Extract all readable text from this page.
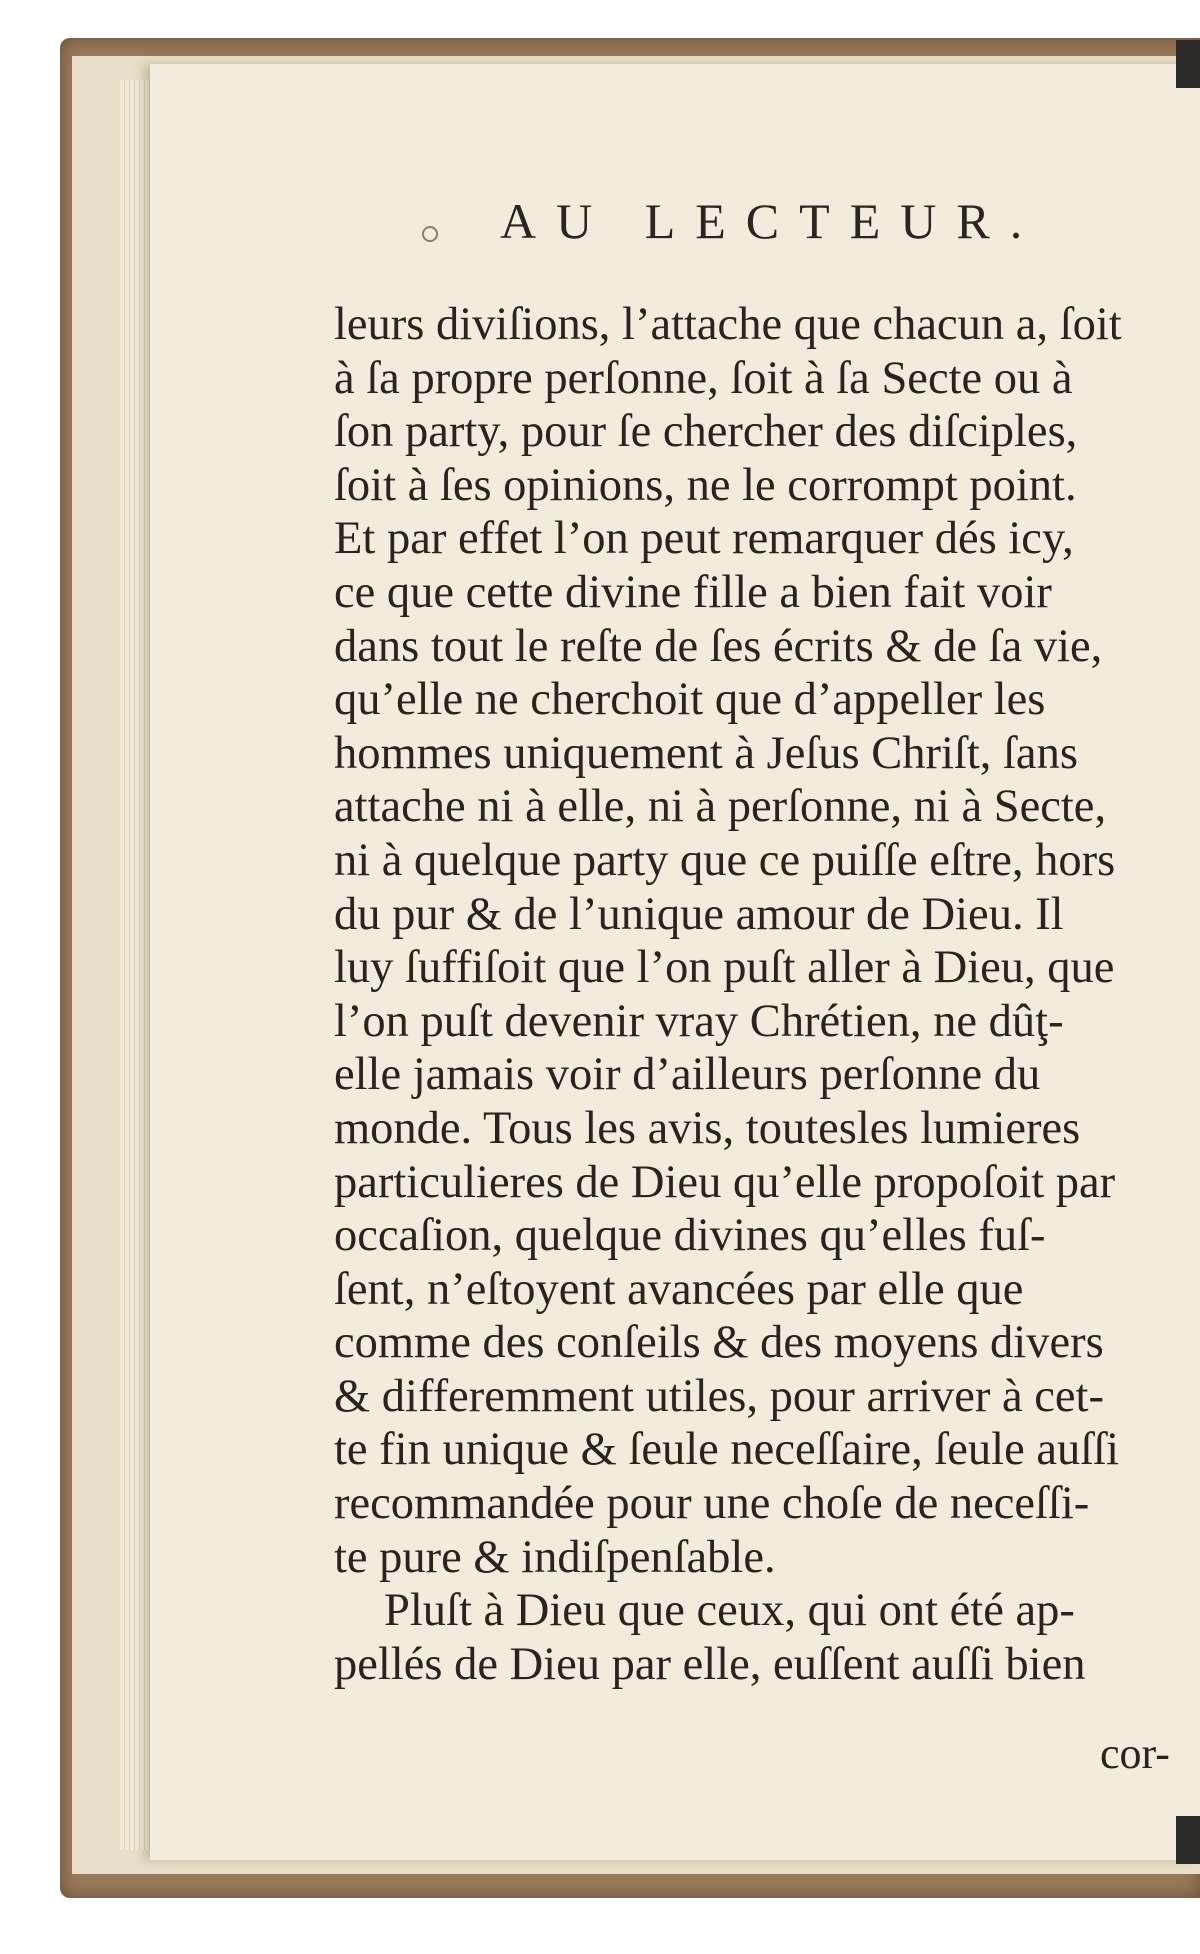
AU LECTEUR.
leurs diviſions, l’attache que chacun a, ſoit
à ſa propre perſonne, ſoit à ſa Secte ou à
ſon party, pour ſe chercher des diſciples,
ſoit à ſes opinions, ne le corrompt point.
Et par effet l’on peut remarquer dés icy,
ce que cette divine fille a bien fait voir
dans tout le reſte de ſes écrits & de ſa vie,
qu’elle ne cherchoit que d’appeller les
hommes uniquement à Jeſus Chriſt, ſans
attache ni à elle, ni à perſonne, ni à Secte,
ni à quelque party que ce puiſſe eſtre, hors
du pur & de l’unique amour de Dieu. Il
luy ſuffiſoit que l’on puſt aller à Dieu, que
l’on puſt devenir vray Chrétien, ne dûţ-
elle jamais voir d’ailleurs perſonne du
monde. Tous les avis, toutesles lumieres
particulieres de Dieu qu’elle propoſoit par
occaſion, quelque divines qu’elles fuſ-
ſent, n’eſtoyent avancées par elle que
comme des conſeils & des moyens divers
& differemment utiles, pour arriver à cet-
te fin unique & ſeule neceſſaire, ſeule auſſi
recommandée pour une choſe de neceſſi-
te pure & indiſpenſable.
Pluſt à Dieu que ceux, qui ont été ap-
pellés de Dieu par elle, euſſent auſſi bien
cor-
